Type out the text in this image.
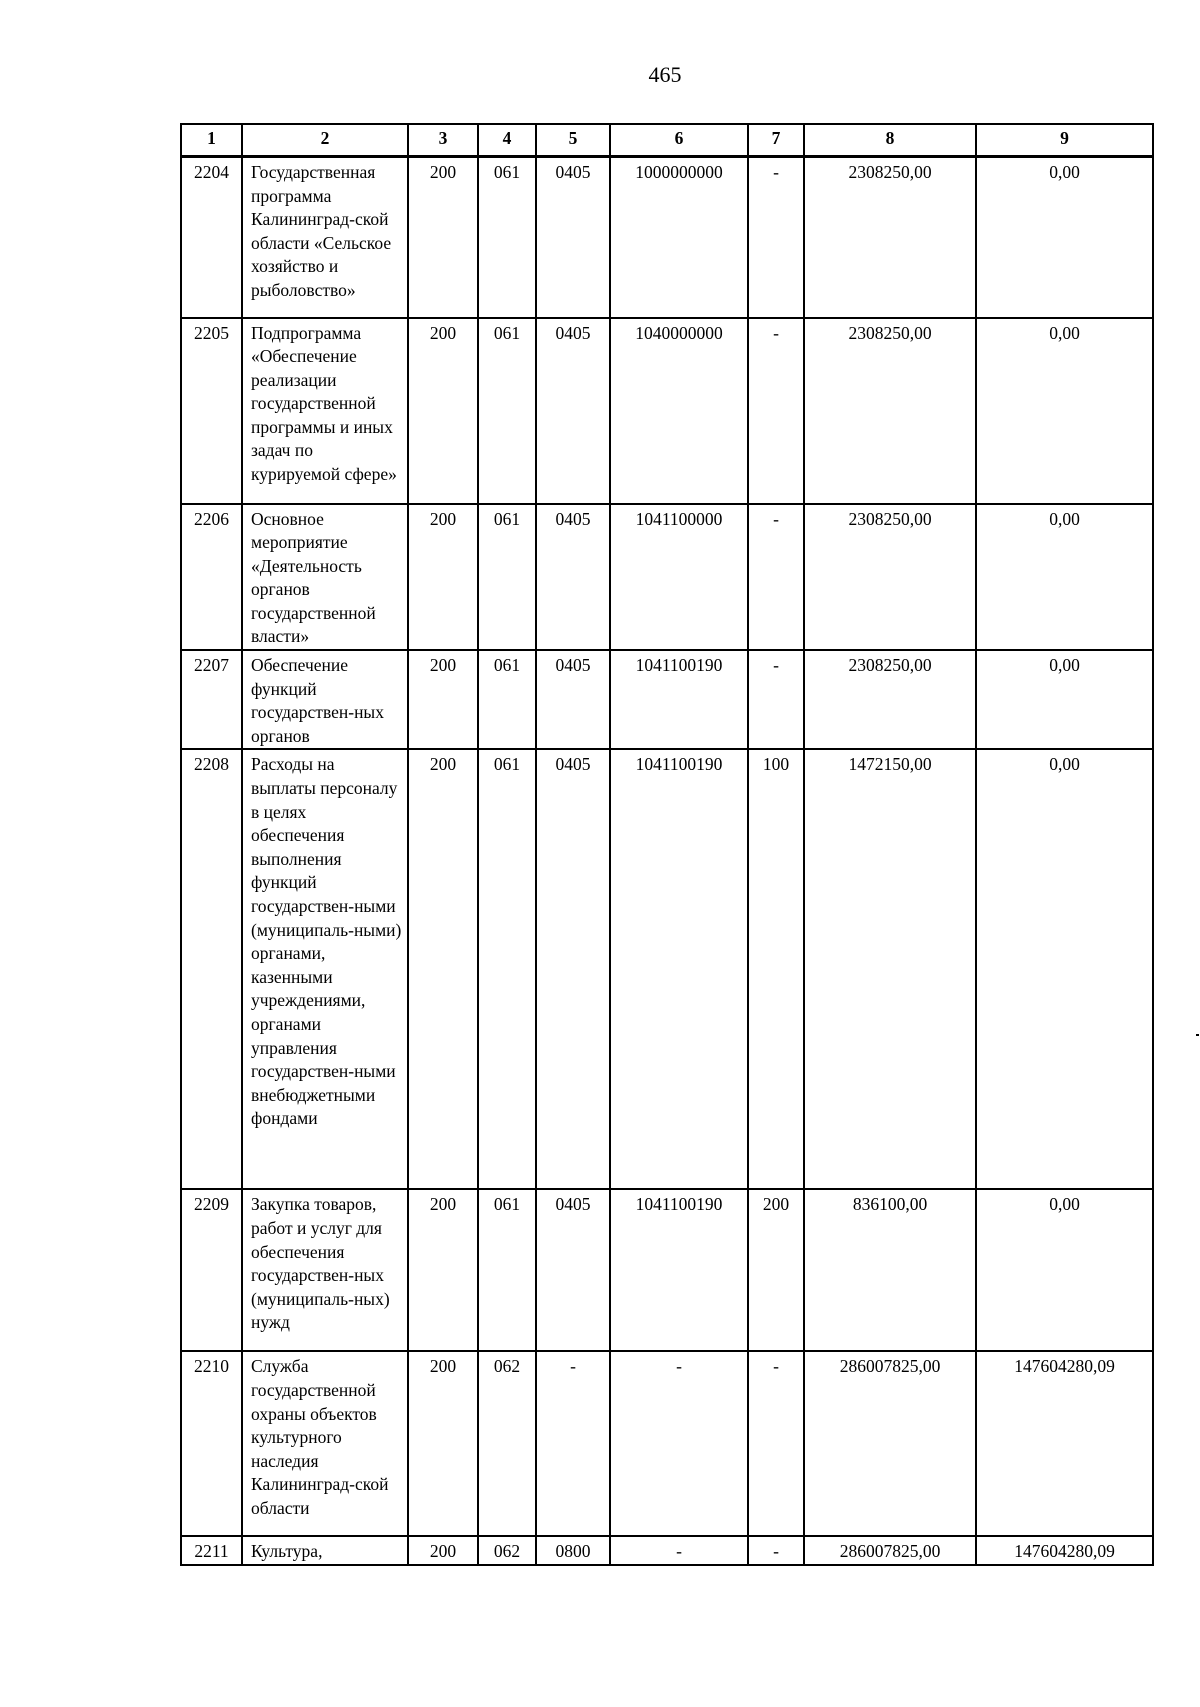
465
1	2	3	4	5	6	7	8	9
2204	Государственная программа Калининград-ской области «Сельское хозяйство и рыболовство»	200	061	0405	1000000000	-	2308250,00	0,00
2205	Подпрограмма «Обеспечение реализации государственной программы и иных задач по курируемой сфере»	200	061	0405	1040000000	-	2308250,00	0,00
2206	Основное мероприятие «Деятельность органов государственной власти»	200	061	0405	1041100000	-	2308250,00	0,00
2207	Обеспечение функций государствен-ных органов	200	061	0405	1041100190	-	2308250,00	0,00
2208	Расходы на выплаты персоналу в целях обеспечения выполнения функций государствен-ными (муниципаль-ными) органами, казенными учреждениями, органами управления государствен-ными внебюджетными фондами	200	061	0405	1041100190	100	1472150,00	0,00
2209	Закупка товаров, работ и услуг для обеспечения государствен-ных (муниципаль-ных) нужд	200	061	0405	1041100190	200	836100,00	0,00
2210	Служба государственной охраны объектов культурного наследия Калининград-ской области	200	062	-	-	-	286007825,00	147604280,09
2211	Культура,	200	062	0800	-	-	286007825,00	147604280,09
